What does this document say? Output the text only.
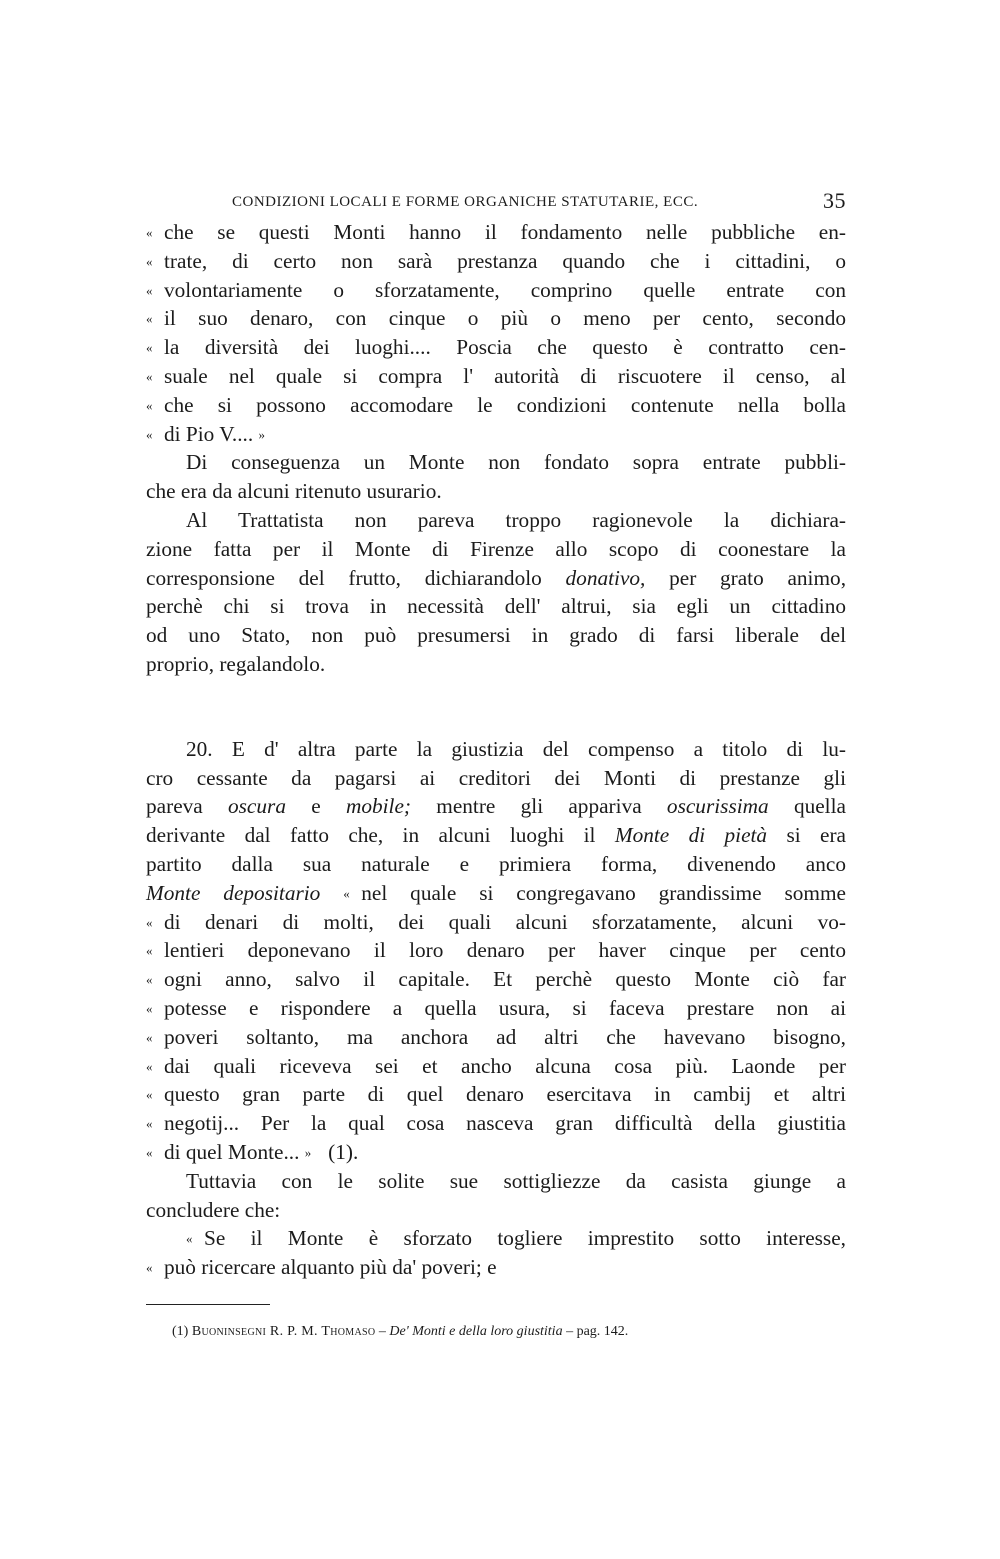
CONDIZIONI LOCALI E FORME ORGANICHE STATUTARIE, ECC.	35
« che se questi Monti hanno il fondamento nelle pubbliche en-
« trate, di certo non sarà prestanza quando che i cittadini, o
« volontariamente o sforzatamente, comprino quelle entrate con
« il suo denaro, con cinque o più o meno per cento, secondo
« la diversità dei luoghi.... Poscia che questo è contratto cen-
« suale nel quale si compra l' autorità di riscuotere il censo, al
« che si possono accomodare le condizioni contenute nella bolla
« di Pio V.... »
Di conseguenza un Monte non fondato sopra entrate pubbli-
che era da alcuni ritenuto usurario.
Al Trattatista non pareva troppo ragionevole la dichiara-
zione fatta per il Monte di Firenze allo scopo di coonestare la
corresponsione del frutto, dichiarandolo donativo, per grato animo,
perchè chi si trova in necessità dell' altrui, sia egli un cittadino
od uno Stato, non può presumersi in grado di farsi liberale del
proprio, regalandolo.
20. E d' altra parte la giustizia del compenso a titolo di lu-
cro cessante da pagarsi ai creditori dei Monti di prestanze gli
pareva oscura e mobile; mentre gli appariva oscurissima quella
derivante dal fatto che, in alcuni luoghi il Monte di pietà si era
partito dalla sua naturale e primiera forma, divenendo anco
Monte depositario « nel quale si congregavano grandissime somme
« di denari di molti, dei quali alcuni sforzatamente, alcuni vo-
« lentieri deponevano il loro denaro per haver cinque per cento
« ogni anno, salvo il capitale. Et perchè questo Monte ciò far
« potesse e rispondere a quella usura, si faceva prestare non ai
« poveri soltanto, ma anchora ad altri che havevano bisogno,
« dai quali riceveva sei et ancho alcuna cosa più. Laonde per
« questo gran parte di quel denaro esercitava in cambij et altri
« negotij... Per la qual cosa nasceva gran difficultà della giustitia
« di quel Monte... » (1).
Tuttavia con le solite sue sottigliezze da casista giunge a
concludere che:
« Se il Monte è sforzato togliere imprestito sotto interesse,
« può ricercare alquanto più da' poveri; e
(1) Buoninsegni R. P. M. Thomaso – De' Monti e della loro giustitia – pag. 142.
